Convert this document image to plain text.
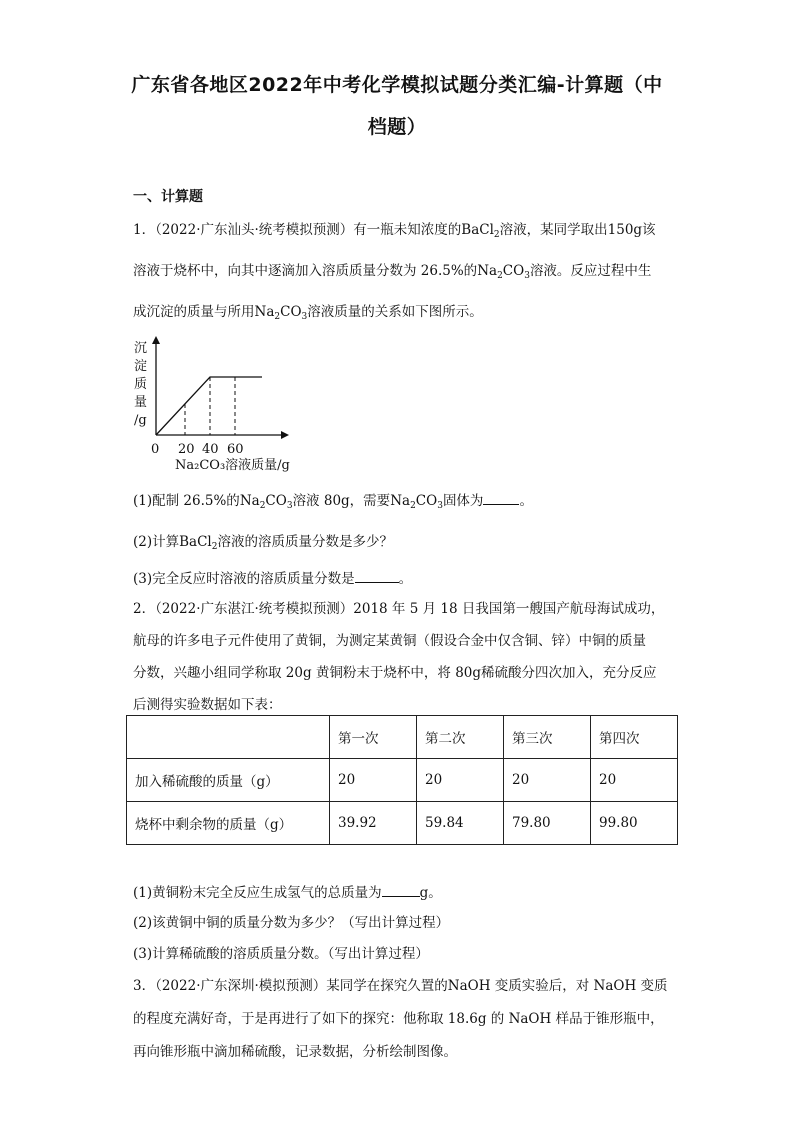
广东省各地区2022年中考化学模拟试题分类汇编-计算题（中
档题）
一、计算题
1．（2022·广东汕头·统考模拟预测）有一瓶未知浓度的BaCl$_2$溶液，某同学取出150g该
溶液于烧杯中，向其中逐滴加入溶质质量分数为 26.5%的$Na_2CO_3$溶液。反应过程中生
成沉淀的质量与所用$Na_2CO_3$溶液质量的关系如下图所示。
沉
淀
质
量
/g
0 20 40 60
Na₂CO₃溶液质量/g
(1)配制 26.5%的$Na_2CO_3$溶液 80g，需要$Na_2CO_3$固体为	。
(2)计算BaCl$_2$溶液的溶质质量分数是多少？
(3)完全反应时溶液的溶质质量分数是	。
2．（2022·广东湛江·统考模拟预测）2018 年 5 月 18 日我国第一艘国产航母海试成功，
航母的许多电子元件使用了黄铜，为测定某黄铜（假设合金中仅含铜、锌）中铜的质量
分数，兴趣小组同学称取 20g 黄铜粉末于烧杯中，将 80g稀硫酸分四次加入，充分反应
后测得实验数据如下表：
	第一次	第二次	第三次	第四次
加入稀硫酸的质量（g）	20	20	20	20
烧杯中剩余物的质量（g）	39.92	59.84	79.80	99.80
(1)黄铜粉末完全反应生成氢气的总质量为	g。
(2)该黄铜中铜的质量分数为多少？（写出计算过程）
(3)计算稀硫酸的溶质质量分数。（写出计算过程）
3．（2022·广东深圳·模拟预测）某同学在探究久置的NaOH 变质实验后，对 NaOH 变质
的程度充满好奇，于是再进行了如下的探究：他称取 18.6g 的 NaOH 样品于锥形瓶中，
再向锥形瓶中滴加稀硫酸，记录数据，分析绘制图像。
